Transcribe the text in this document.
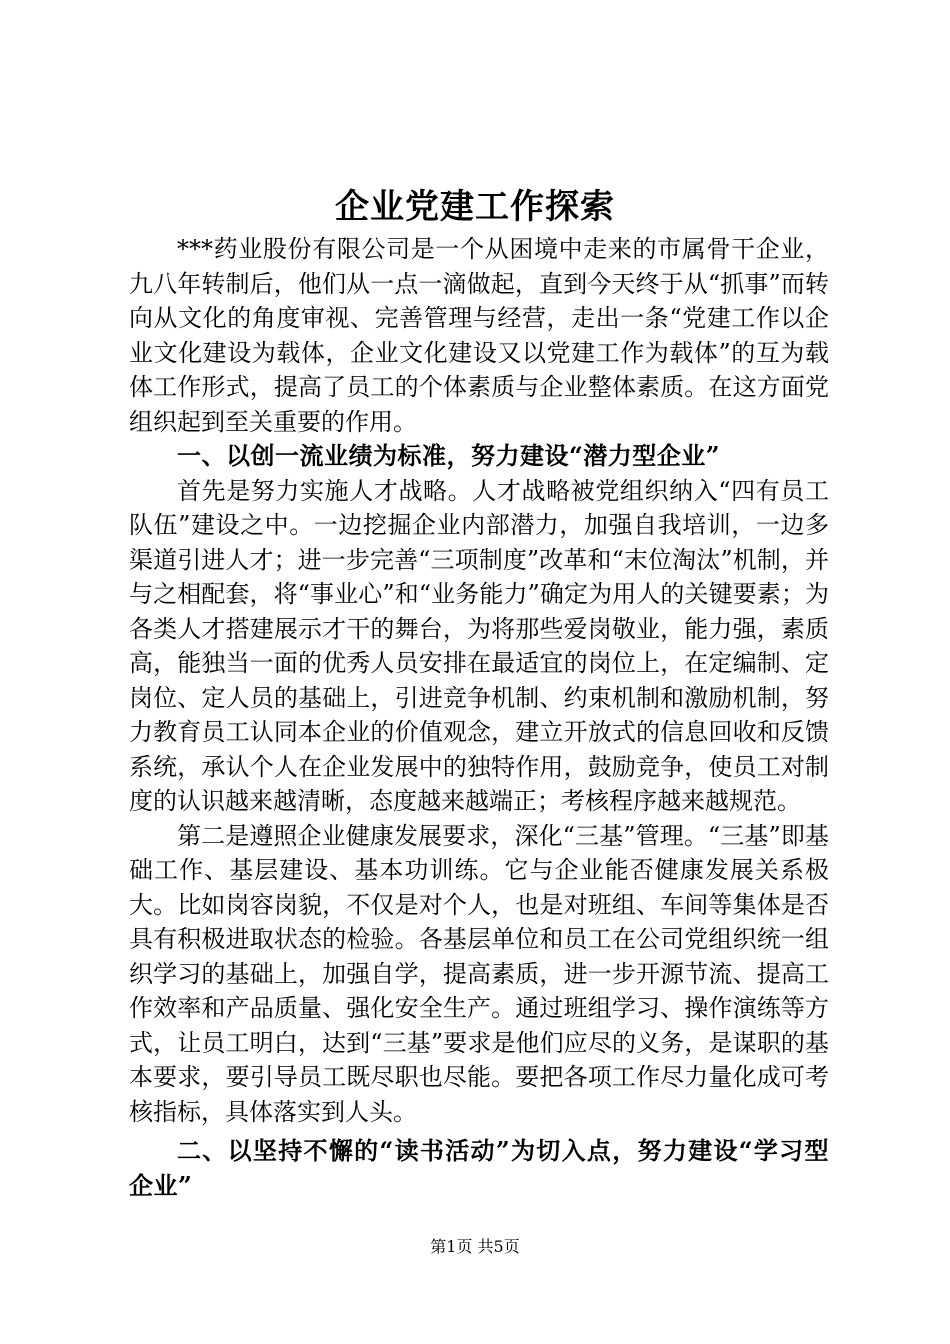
企业党建工作探索

***药业股份有限公司是一个从困境中走来的市属骨干企业，九八年转制后，他们从一点一滴做起，直到今天终于从“抓事”而转向从文化的角度审视、完善管理与经营，走出一条“党建工作以企业文化建设为载体，企业文化建设又以党建工作为载体”的互为载体工作形式，提高了员工的个体素质与企业整体素质。在这方面党组织起到至关重要的作用。

一、以创一流业绩为标准，努力建设“潜力型企业”

首先是努力实施人才战略。人才战略被党组织纳入“四有员工队伍”建设之中。一边挖掘企业内部潜力，加强自我培训，一边多渠道引进人才；进一步完善“三项制度”改革和“末位淘汰”机制，并与之相配套，将“事业心”和“业务能力”确定为用人的关键要素；为各类人才搭建展示才干的舞台，为将那些爱岗敬业，能力强，素质高，能独当一面的优秀人员安排在最适宜的岗位上，在定编制、定岗位、定人员的基础上，引进竞争机制、约束机制和激励机制，努力教育员工认同本企业的价值观念，建立开放式的信息回收和反馈系统，承认个人在企业发展中的独特作用，鼓励竞争，使员工对制度的认识越来越清晰，态度越来越端正；考核程序越来越规范。

第二是遵照企业健康发展要求，深化“三基”管理。“三基”即基础工作、基层建设、基本功训练。它与企业能否健康发展关系极大。比如岗容岗貌，不仅是对个人，也是对班组、车间等集体是否具有积极进取状态的检验。各基层单位和员工在公司党组织统一组织学习的基础上，加强自学，提高素质，进一步开源节流、提高工作效率和产品质量、强化安全生产。通过班组学习、操作演练等方式，让员工明白，达到“三基”要求是他们应尽的义务，是谋职的基本要求，要引导员工既尽职也尽能。要把各项工作尽力量化成可考核指标，具体落实到人头。

二、以坚持不懈的“读书活动”为切入点，努力建设“学习型企业”

第1页 共5页
